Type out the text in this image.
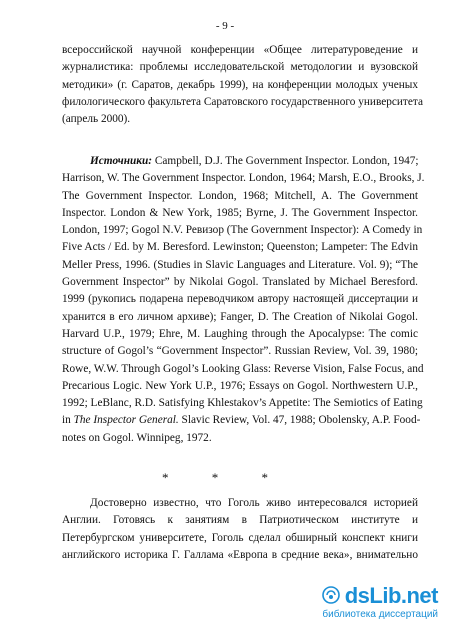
- 9 -
всероссийской научной конференции «Общее литературоведение и
журналистика: проблемы исследовательской методологии и вузовской
методики» (г. Саратов, декабрь 1999), на конференции молодых ученых
филологического факультета Саратовского государственного университета
(апрель 2000).
Источники: Campbell, D.J. The Government Inspector. London, 1947;
Harrison, W. The Government Inspector. London, 1964; Marsh, E.O., Brooks, J.
The Government Inspector. London, 1968; Mitchell, A. The Government
Inspector. London & New York, 1985; Byrne, J. The Government Inspector.
London, 1997; Gogol N.V. Ревизор (The Government Inspector): A Comedy in
Five Acts / Ed. by M. Beresford. Lewinston; Queenston; Lampeter: The Edvin
Meller Press, 1996. (Studies in Slavic Languages and Literature. Vol. 9); “The
Government Inspector” by Nikolai Gogol. Translated by Michael Beresford.
1999 (рукопись подарена переводчиком автору настоящей диссертации и
хранится в его личном архиве); Fanger, D. The Creation of Nikolai Gogol.
Harvard U.P., 1979; Ehre, M. Laughing through the Apocalypse: The comic
structure of Gogol’s “Government Inspector”. Russian Review, Vol. 39, 1980;
Rowe, W.W. Through Gogol’s Looking Glass: Reverse Vision, False Focus, and
Precarious Logic. New York U.P., 1976; Essays on Gogol. Northwestern U.P.,
1992; LeBlanc, R.D. Satisfying Khlestakov’s Appetite: The Semiotics of Eating
in The Inspector General. Slavic Review, Vol. 47, 1988; Obolensky, A.P. Food-
notes on Gogol. Winnipeg, 1972.
* * *
Достоверно известно, что Гоголь живо интересовался историей
Англии. Готовясь к занятиям в Патриотическом институте и
Петербургском университете, Гоголь сделал обширный конспект книги
английского историка Г. Галлама «Европа в средние века», внимательно
dsLib.net
библиотека диссертаций
